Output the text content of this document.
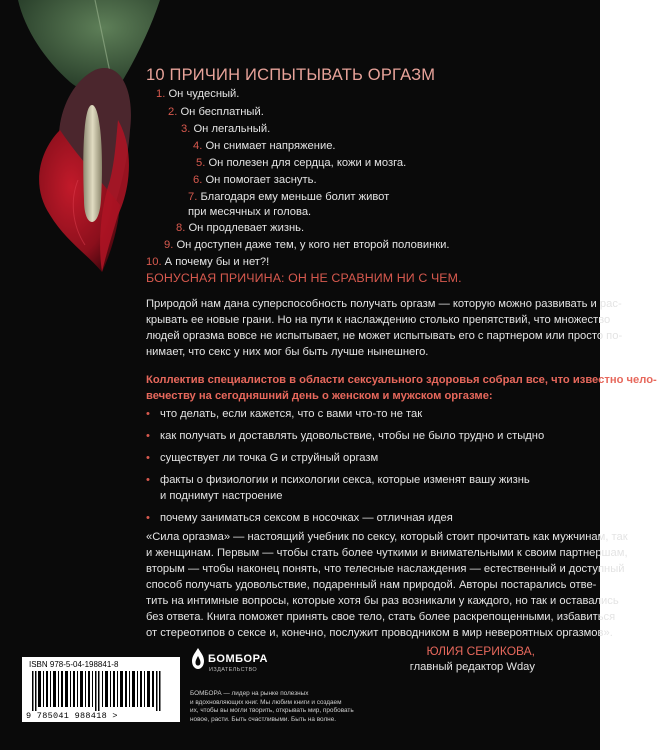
10 ПРИЧИН ИСПЫТЫВАТЬ ОРГАЗМ
1. Он чудесный.
2. Он бесплатный.
3. Он легальный.
4. Он снимает напряжение.
5. Он полезен для сердца, кожи и мозга.
6. Он помогает заснуть.
7. Благодаря ему меньше болит живот
при месячных и голова.
8. Он продлевает жизнь.
9. Он доступен даже тем, у кого нет второй половинки.
10. А почему бы и нет?!
БОНУСНАЯ ПРИЧИНА: ОН НЕ СРАВНИМ НИ С ЧЕМ.
Природой нам дана суперспособность получать оргазм — которую можно развивать и рас-
крывать ее новые грани. Но на пути к наслаждению столько препятствий, что множество
людей оргазма вовсе не испытывает, не может испытывать его с партнером или просто по-
нимает, что секс у них мог бы быть лучше нынешнего.
Коллектив специалистов в области сексуального здоровья собрал все, что известно чело-
вечеству на сегодняшний день о женском и мужском оргазме:
• что делать, если кажется, что с вами что-то не так
• как получать и доставлять удовольствие, чтобы не было трудно и стыдно
• существует ли точка G и струйный оргазм
• факты о физиологии и психологии секса, которые изменят вашу жизнь
и поднимут настроение
• почему заниматься сексом в носочках — отличная идея
«Сила оргазма» — настоящий учебник по сексу, который стоит прочитать как мужчинам, так
и женщинам. Первым — чтобы стать более чуткими и внимательными к своим партнершам,
вторым — чтобы наконец понять, что телесные наслаждения — естественный и доступный
способ получать удовольствие, подаренный нам природой. Авторы постарались отве-
тить на интимные вопросы, которые хотя бы раз возникали у каждого, но так и оставались
без ответа. Книга поможет принять свое тело, стать более раскрепощенными, избавиться
от стереотипов о сексе и, конечно, послужит проводником в мир невероятных оргазмов».
ЮЛИЯ СЕРИКОВА,
главный редактор Wday
ISBN 978-5-04-198841-8
9 785041 988418 >
БОМБОРА
ИЗДАТЕЛЬСТВО
БОМБОРА — лидер на рынке полезных
и вдохновляющих книг. Мы любим книги и создаем
их, чтобы вы могли творить, открывать мир, пробовать
новое, расти. Быть счастливыми. Быть на волне.
